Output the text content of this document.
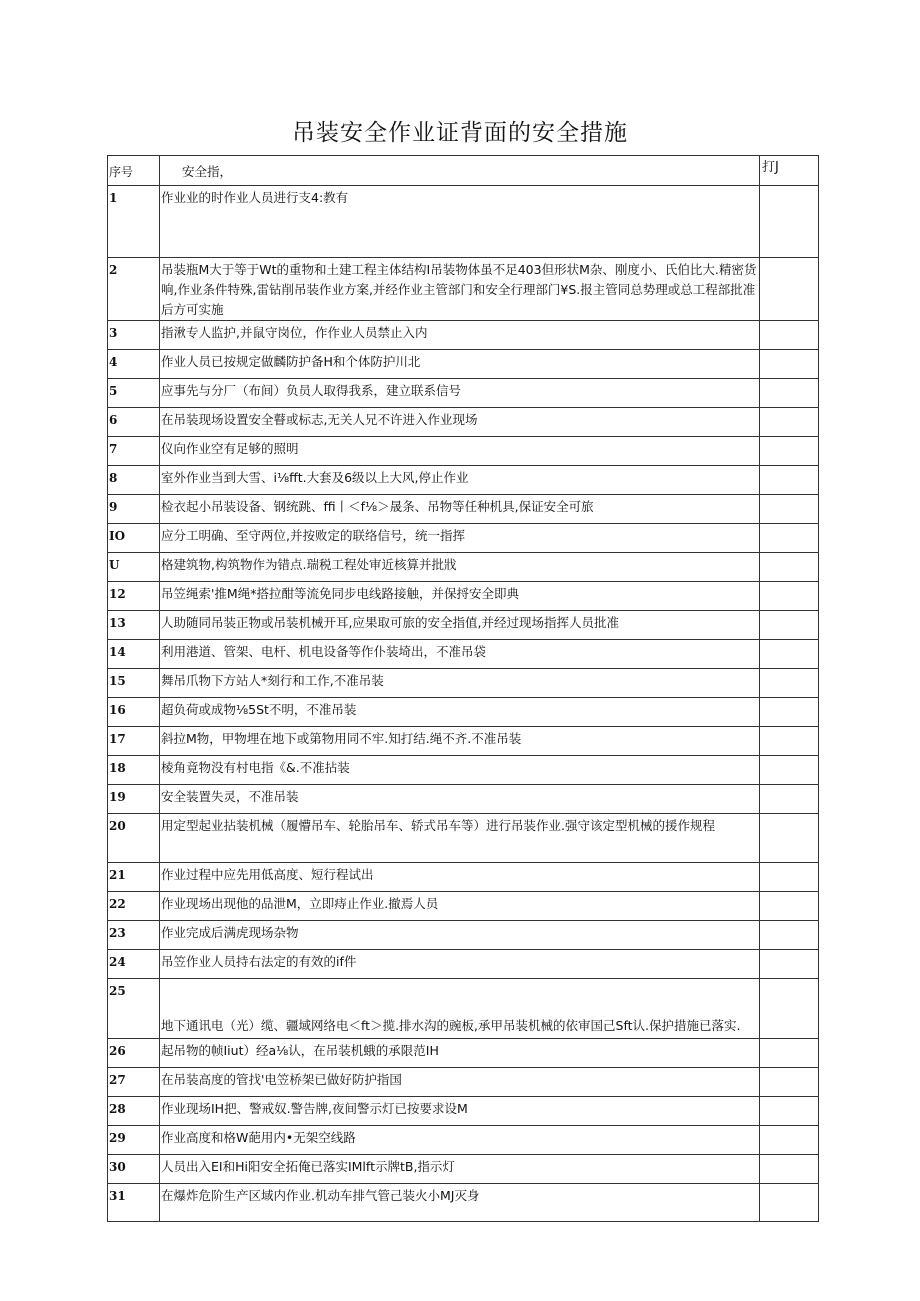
吊装安全作业证背面的安全措施
序号	安全指，	打J
1	作业业的时作业人员进行支4:教有	
2	吊装瓶M大于等于Wt的重物和土建工程主体结构I吊装物体虽不足403但形状M杂、刚度小、氏伯比大.精密货响,作业条件特殊,雷钻削吊装作业方案,并经作业主管部门和安全行理部门¥S.报主管同总势理或总工程部批准后方可实施	
3	指湫专人监护,并鼠守岗位，作作业人员禁止入内	
4	作业人员已按规定做麟防护备H和个体防护川北	
5	应事先与分厂（布间）负员人取得我系，建立联系信号	
6	在吊装现场设置安全瞽或标志,无关人兄不许进入作业现场	
7	仪向作业空有足够的照明	
8	室外作业当到大雪、i⅛fft.大套及6级以上大风,停止作业	
9	检衣起小吊装设备、钢统跳、ffi丨＜f⅛＞晟条、吊物等任种机具,保证安全可旅	
IO	应分工明确、至守两位,并按败定的联络信号，统一指挥	
U	格建筑物,构筑物作为错点.瑞税工程处审近核算并批戕	
12	吊笠绳索'推M绳*搭拉酣等流免同步电线路接触，并保捋安全即典	
13	人助随同吊装正物或吊装机械开耳,应果取可旅的安全指值,并经过现场指挥人员批准	
14	利用港道、管架、电杆、机电设备等作仆装埼出，不准吊袋	
15	舞吊爪物下方站人*刻行和工作,不准吊装	
16	超负荷或成物⅛5St不明，不准吊装	
17	斜拉M物，甲物埋在地下或第物用同不牢.知打结.绳不齐.不准吊装	
18	棱角竟物没有村电指《&.不准拈装	
19	安全装置失灵，不准吊装	
20	用定型起业拈装机械（履懵吊车、轮胎吊车、轿式吊车等）进行吊装作业.强守该定型机械的援作规程	
21	作业过程中应先用低高度、短行程试出	
22	作业现场出现他的品泄M，立即痔止作业.撤焉人员	
23	作业完成后满虎现场杂物	
24	吊笠作业人员持右法定的有效的if件	
25	地下通讯电（光）缆、疆域网络电＜ft＞揽.排水沟的豌板,承甲吊装机械的依审国己Sft认.保护措施已落实.	
26	起吊物的帧Iiut）经a⅛认，在吊装机蛾的承限范IH	
27	在吊装高度的管找'电笠桥架已做好防护指国	
28	作业现场IH把、警戒奴.警告牌,夜间警示灯已按要求设M	
29	作业高度和格W葩用内•无架空线路	
30	人员出入EI和Hi阳安全拓俺已落实IMlft示牌tB,指示灯	
31	在爆炸危阶生产区域内作业.机动车排气管己装火小MJ灭身	
